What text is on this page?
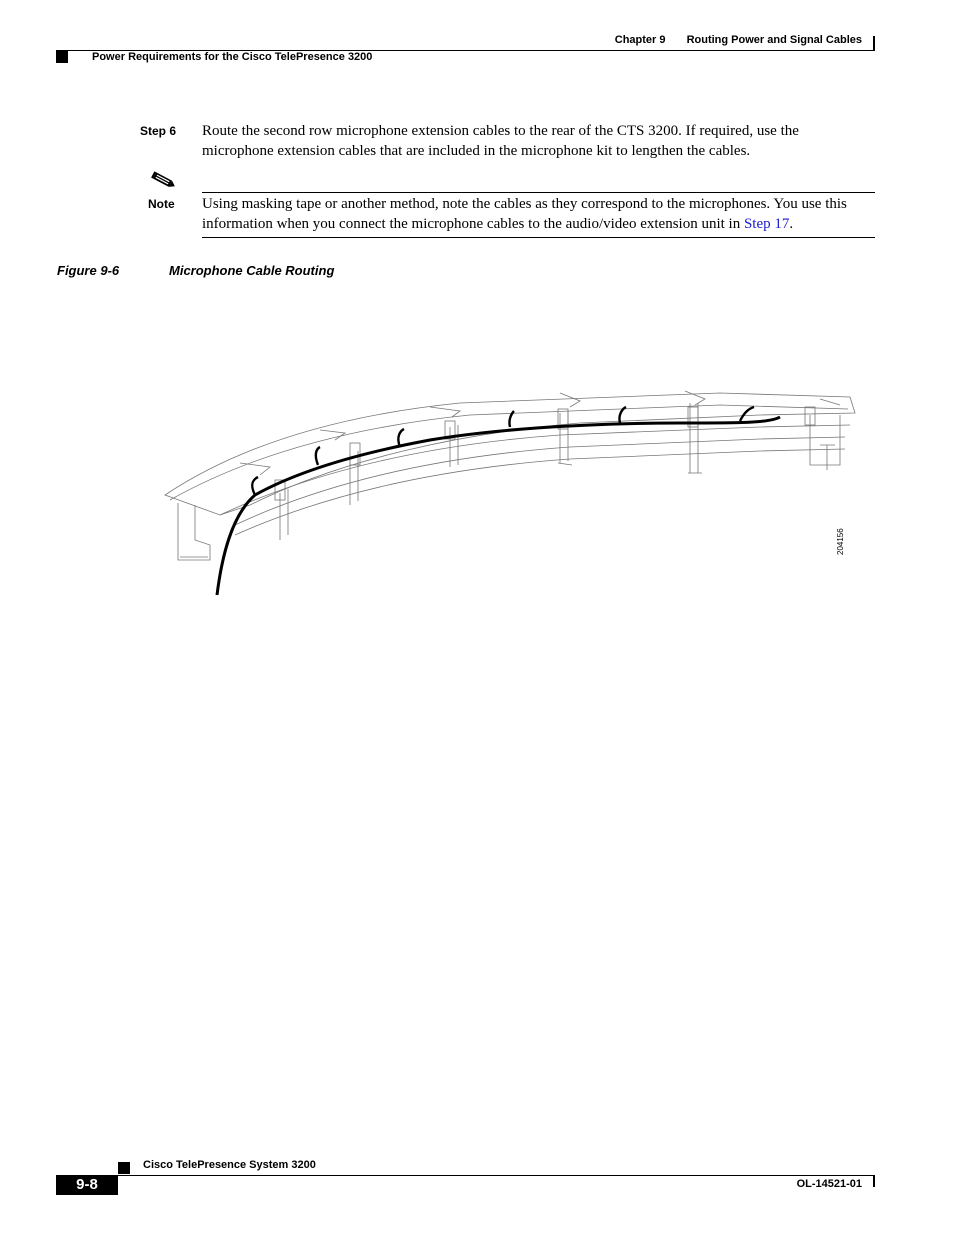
Chapter 9 Routing Power and Signal Cables
Power Requirements for the Cisco TelePresence 3200
Step 6 Route the second row microphone extension cables to the rear of the CTS 3200. If required, use the microphone extension cables that are included in the microphone kit to lengthen the cables.
Note Using masking tape or another method, note the cables as they correspond to the microphones. You use this information when you connect the microphone cables to the audio/video extension unit in Step 17.
Figure 9-6	Microphone Cable Routing
204156
Cisco TelePresence System 3200
9-8	OL-14521-01
